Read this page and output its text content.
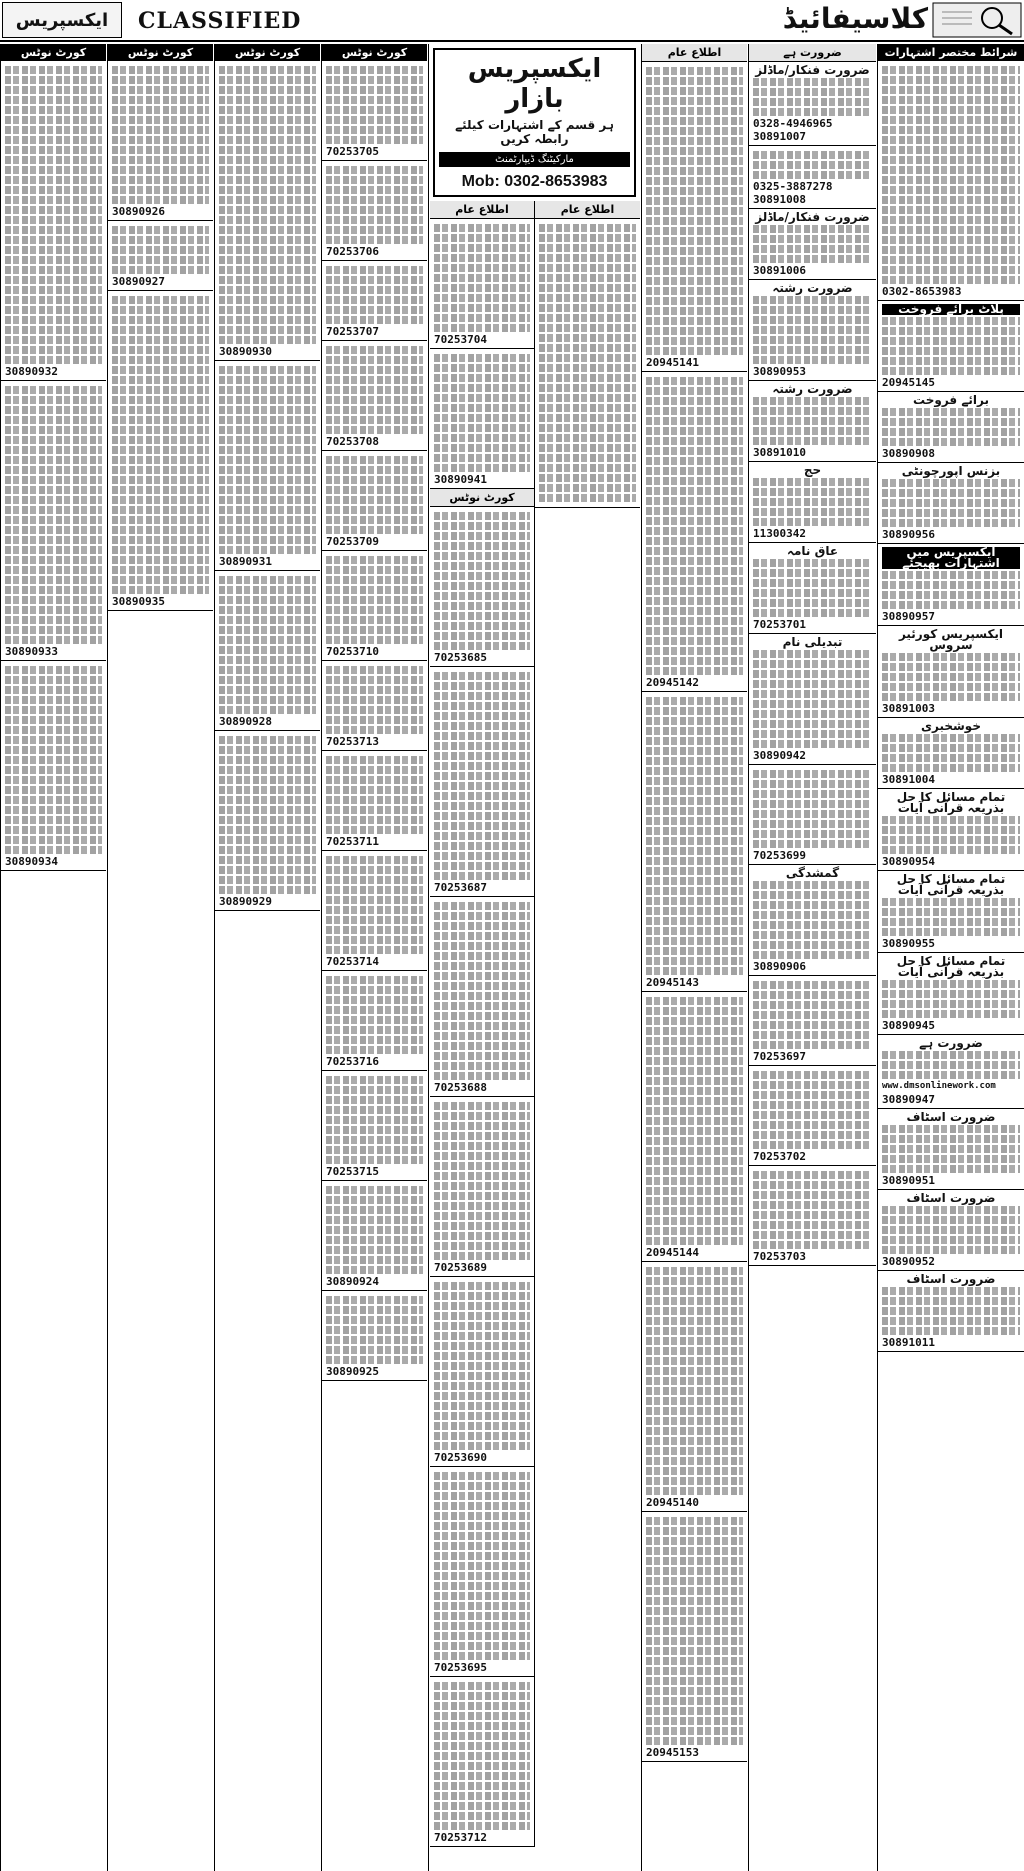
ایکسپریس	CLASSIFIED	کلاسیفائیڈ
کورٹ نوٹس
30890932
30890933
30890934
کورٹ نوٹس
30890926
30890927
30890935
کورٹ نوٹس
30890930
30890931
30890928
30890929
کورٹ نوٹس
70253705
70253706
70253707
70253708
70253709
70253710
70253713
70253711
70253714
70253716
70253715
30890924
30890925
ایکسپریس بازار
ہر قسم کے اشتہارات کیلئے رابطہ کریں
مارکیٹنگ ڈیپارٹمنٹ
Mob: 0302-8653983
اطلاع عام
اطلاع عام
70253704
30890941
کورٹ نوٹس
70253685
70253687
70253688
70253689
70253690
70253695
70253712
اطلاع عام
20945141
20945142
20945143
20945144
20945140
20945153
ضرورت ہے
ضرورت فنکار/ماڈلز
0328-4946965
30891007
0325-3887278
30891008
ضرورت فنکار/ماڈلز
30891006
ضرورت رشتہ
30890953
ضرورت رشتہ
30891010
حج
11300342
عاق نامہ
70253701
تبدیلی نام
30890942
70253699
گمشدگی
30890906
70253697
70253702
70253703
شرائط مختصر اشتہارات
0302-8653983
پلاٹ برائے فروخت
20945145
برائے فروخت
30890908
بزنس اپورچونٹی
30890956
ایکسپریس میں اشتہارات بھیجئے
30890957
ایکسپریس کورئیر سروس
30891003
خوشخبری
30891004
تمام مسائل کا حل بذریعہ قرآنی آیات
30890954
تمام مسائل کا حل بذریعہ قرآنی آیات
30890955
تمام مسائل کا حل بذریعہ قرآنی آیات
30890945
ضرورت ہے
www.dmsonlinework.com
30890947
ضرورت اسٹاف
30890951
ضرورت اسٹاف
30890952
ضرورت اسٹاف
30891011
